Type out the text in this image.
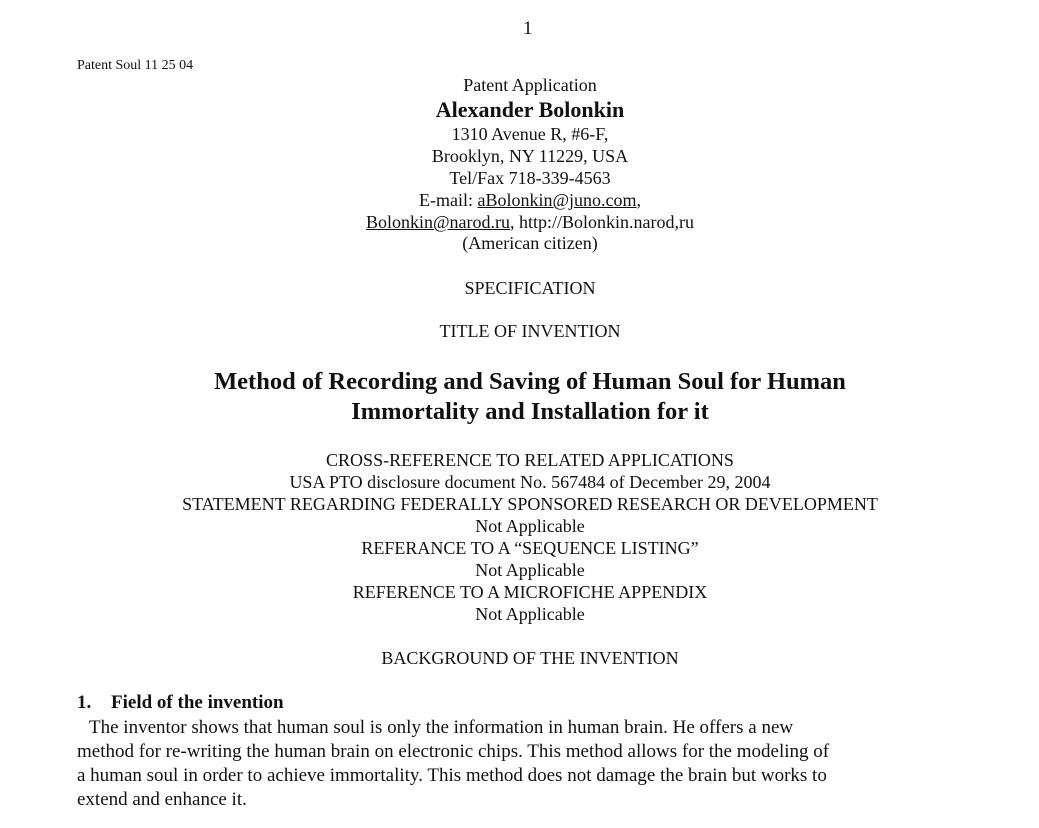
1
Patent Soul 11 25 04
Patent Application
Alexander Bolonkin
1310 Avenue R, #6-F,
Brooklyn, NY 11229, USA
Tel/Fax 718-339-4563
E-mail: aBolonkin@juno.com,
Bolonkin@narod.ru, http://Bolonkin.narod,ru
(American citizen)
SPECIFICATION
TITLE OF INVENTION
Method of Recording and Saving of Human Soul for Human
Immortality and Installation for it
CROSS-REFERENCE TO RELATED APPLICATIONS
USA PTO disclosure document No. 567484 of December 29, 2004
STATEMENT REGARDING FEDERALLY SPONSORED RESEARCH OR DEVELOPMENT
Not Applicable
REFERANCE TO A “SEQUENCE LISTING”
Not Applicable
REFERENCE TO A MICROFICHE APPENDIX
Not Applicable
BACKGROUND OF THE INVENTION
1. Field of the invention
The inventor shows that human soul is only the information in human brain. He offers a new
method for re-writing the human brain on electronic chips. This method allows for the modeling of
a human soul in order to achieve immortality. This method does not damage the brain but works to
extend and enhance it.
